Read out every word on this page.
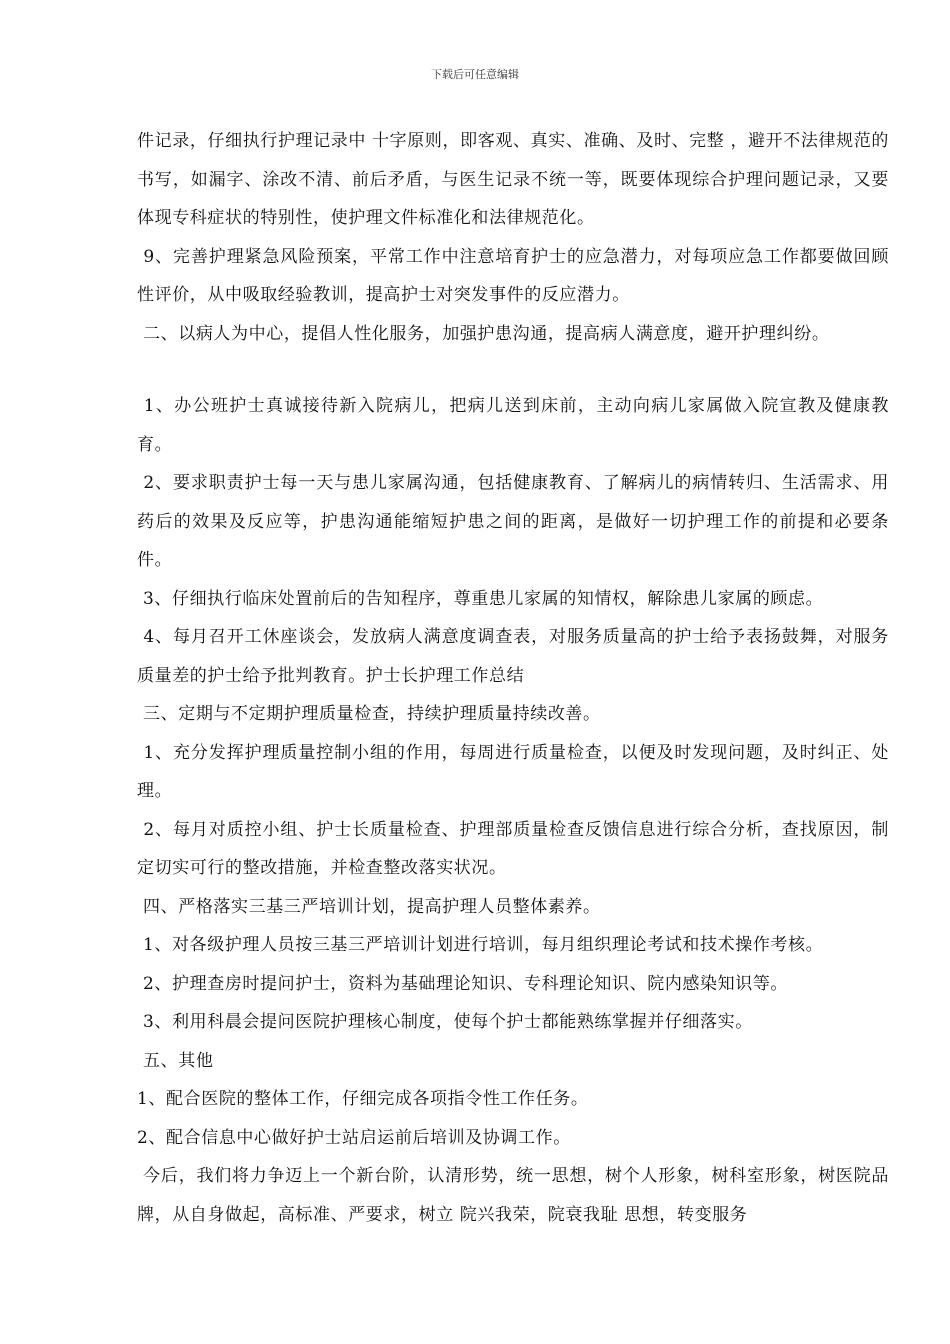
下载后可任意编辑

件记录，仔细执行护理记录中 十字原则，即客观、真实、准确、及时、完整 ，避开不法律规范的书写，如漏字、涂改不清、前后矛盾，与医生记录不统一等，既要体现综合护理问题记录，又要体现专科症状的特别性，使护理文件标准化和法律规范化。

9、完善护理紧急风险预案，平常工作中注意培育护士的应急潜力，对每项应急工作都要做回顾性评价，从中吸取经验教训，提高护士对突发事件的反应潜力。

二、以病人为中心，提倡人性化服务，加强护患沟通，提高病人满意度，避开护理纠纷。

1、办公班护士真诚接待新入院病儿，把病儿送到床前，主动向病儿家属做入院宣教及健康教育。

2、要求职责护士每一天与患儿家属沟通，包括健康教育、了解病儿的病情转归、生活需求、用药后的效果及反应等，护患沟通能缩短护患之间的距离，是做好一切护理工作的前提和必要条件。

3、仔细执行临床处置前后的告知程序，尊重患儿家属的知情权，解除患儿家属的顾虑。

4、每月召开工休座谈会，发放病人满意度调查表，对服务质量高的护士给予表扬鼓舞，对服务质量差的护士给予批判教育。护士长护理工作总结

三、定期与不定期护理质量检查，持续护理质量持续改善。

1、充分发挥护理质量控制小组的作用，每周进行质量检查，以便及时发现问题，及时纠正、处理。

2、每月对质控小组、护士长质量检查、护理部质量检查反馈信息进行综合分析，查找原因，制定切实可行的整改措施，并检查整改落实状况。

四、严格落实三基三严培训计划，提高护理人员整体素养。

1、对各级护理人员按三基三严培训计划进行培训，每月组织理论考试和技术操作考核。

2、护理查房时提问护士，资料为基础理论知识、专科理论知识、院内感染知识等。

3、利用科晨会提问医院护理核心制度，使每个护士都能熟练掌握并仔细落实。

五、其他

1、配合医院的整体工作，仔细完成各项指令性工作任务。

2、配合信息中心做好护士站启运前后培训及协调工作。

今后，我们将力争迈上一个新台阶，认清形势，统一思想，树个人形象，树科室形象，树医院品牌，从自身做起，高标准、严要求，树立 院兴我荣，院衰我耻 思想，转变服务
